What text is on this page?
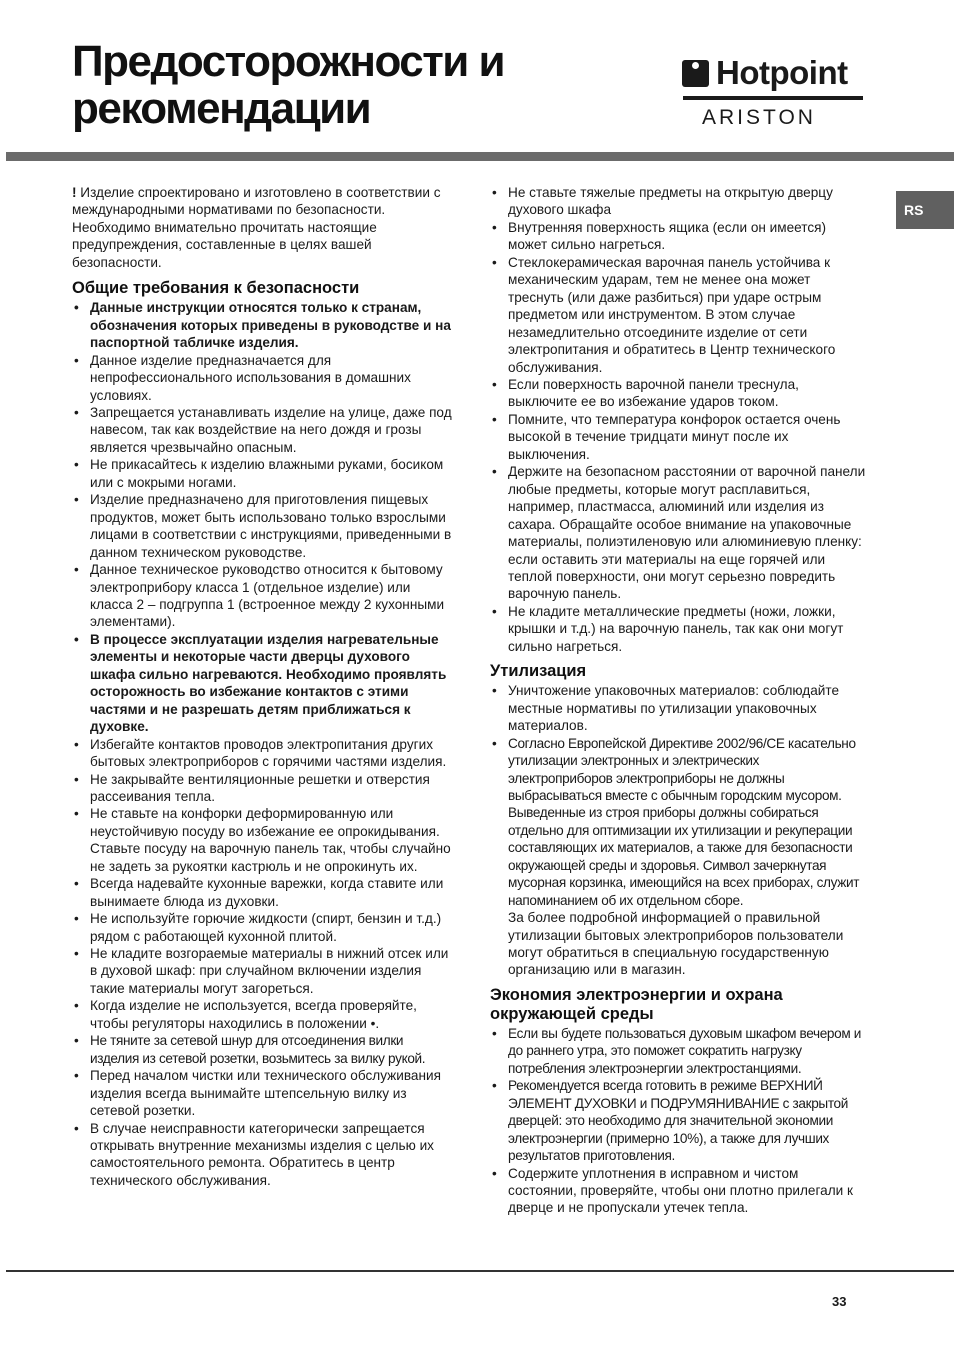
Предосторожности и
рекомендации
Hotpoint
ARISTON
RS

! Изделие спроектировано и изготовлено в соответствии с международными нормативами по безопасности. Необходимо внимательно прочитать настоящие предупреждения, составленные в целях вашей безопасности.

Общие требования к безопасности
• Данные инструкции относятся только к странам, обозначения которых приведены в руководстве и на паспортной табличке изделия.
• Данное изделие предназначается для непрофессионального использования в домашних условиях.
• Запрещается устанавливать изделие на улице, даже под навесом, так как воздействие на него дождя и грозы является чрезвычайно опасным.
• Не прикасайтесь к изделию влажными руками, босиком или с мокрыми ногами.
• Изделие предназначено для приготовления пищевых продуктов, может быть использовано только взрослыми лицами в соответствии с инструкциями, приведенными в данном техническом руководстве.
• Данное техническое руководство относится к бытовому электроприбору класса 1 (отдельное изделие) или класса 2 – подгруппа 1 (встроенное между 2 кухонными элементами).
• В процессе эксплуатации изделия нагревательные элементы и некоторые части дверцы духового шкафа сильно нагреваются. Необходимо проявлять осторожность во избежание контактов с этими частями и не разрешать детям приближаться к духовке.
• Избегайте контактов проводов электропитания других бытовых электроприборов с горячими частями изделия.
• Не закрывайте вентиляционные решетки и отверстия рассеивания тепла.
• Не ставьте на конфорки деформированную или неустойчивую посуду во избежание ее опрокидывания. Ставьте посуду на варочную панель так, чтобы случайно не задеть за рукоятки кастрюль и не опрокинуть их.
• Всегда надевайте кухонные варежки, когда ставите или вынимаете блюда из духовки.
• Не используйте горючие жидкости (спирт, бензин и т.д.) рядом с работающей кухонной плитой.
• Не кладите возгораемые материалы в нижний отсек или в духовой шкаф: при случайном включении изделия такие материалы могут загореться.
• Когда изделие не используется, всегда проверяйте, чтобы регуляторы находились в положении •.
• Не тяните за сетевой шнур для отсоединения вилки изделия из сетевой розетки, возьмитесь за вилку рукой.
• Перед началом чистки или технического обслуживания изделия всегда вынимайте штепсельную вилку из сетевой розетки.
• В случае неисправности категорически запрещается открывать внутренние механизмы изделия с целью их самостоятельного ремонта. Обратитесь в центр технического обслуживания.
• Не ставьте тяжелые предметы на открытую дверцу духового шкафа
• Внутренняя поверхность ящика (если он имеется) может сильно нагреться.
• Стеклокерамическая варочная панель устойчива к механическим ударам, тем не менее она может треснуть (или даже разбиться) при ударе острым предметом или инструментом. В этом случае незамедлительно отсоедините изделие от сети электропитания и обратитесь в Центр технического обслуживания.
• Если поверхность варочной панели треснула, выключите ее во избежание ударов током.
• Помните, что температура конфорок остается очень высокой в течение тридцати минут после их выключения.
• Держите на безопасном расстоянии от варочной панели любые предметы, которые могут расплавиться, например, пластмасса, алюминий или изделия из сахара. Обращайте особое внимание на упаковочные материалы, полиэтиленовую или алюминиевую пленку: если оставить эти материалы на еще горячей или теплой поверхности, они могут серьезно повредить варочную панель.
• Не кладите металлические предметы (ножи, ложки, крышки и т.д.) на варочную панель, так как они могут сильно нагреться.
Утилизация
• Уничтожение упаковочных материалов: соблюдайте местные нормативы по утилизации упаковочных материалов.
• Согласно Европейской Директиве 2002/96/CE касательно утилизации электронных и электрических электроприборов электроприборы не должны выбрасываться вместе с обычным городским мусором. Выведенные из строя приборы должны собираться отдельно для оптимизации их утилизации и рекуперации составляющих их материалов, а также для безопасности окружающей среды и здоровья. Символ зачеркнутая мусорная корзинка, имеющийся на всех приборах, служит напоминанием об их отдельном сборе.
За более подробной информацией о правильной утилизации бытовых электроприборов пользователи могут обратиться в специальную государственную организацию или в магазин.
Экономия электроэнергии и охрана окружающей среды
• Если вы будете пользоваться духовым шкафом вечером и до раннего утра, это поможет сократить нагрузку потребления электроэнергии электростанциями.
• Рекомендуется всегда готовить в режиме ВЕРХНИЙ ЭЛЕМЕНТ ДУХОВКИ и ПОДРУМЯНИВАНИЕ с закрытой дверцей: это необходимо для значительной экономии электроэнергии (примерно 10%), а также для лучших результатов приготовления.
• Содержите уплотнения в исправном и чистом состоянии, проверяйте, чтобы они плотно прилегали к дверце и не пропускали утечек тепла.
33
